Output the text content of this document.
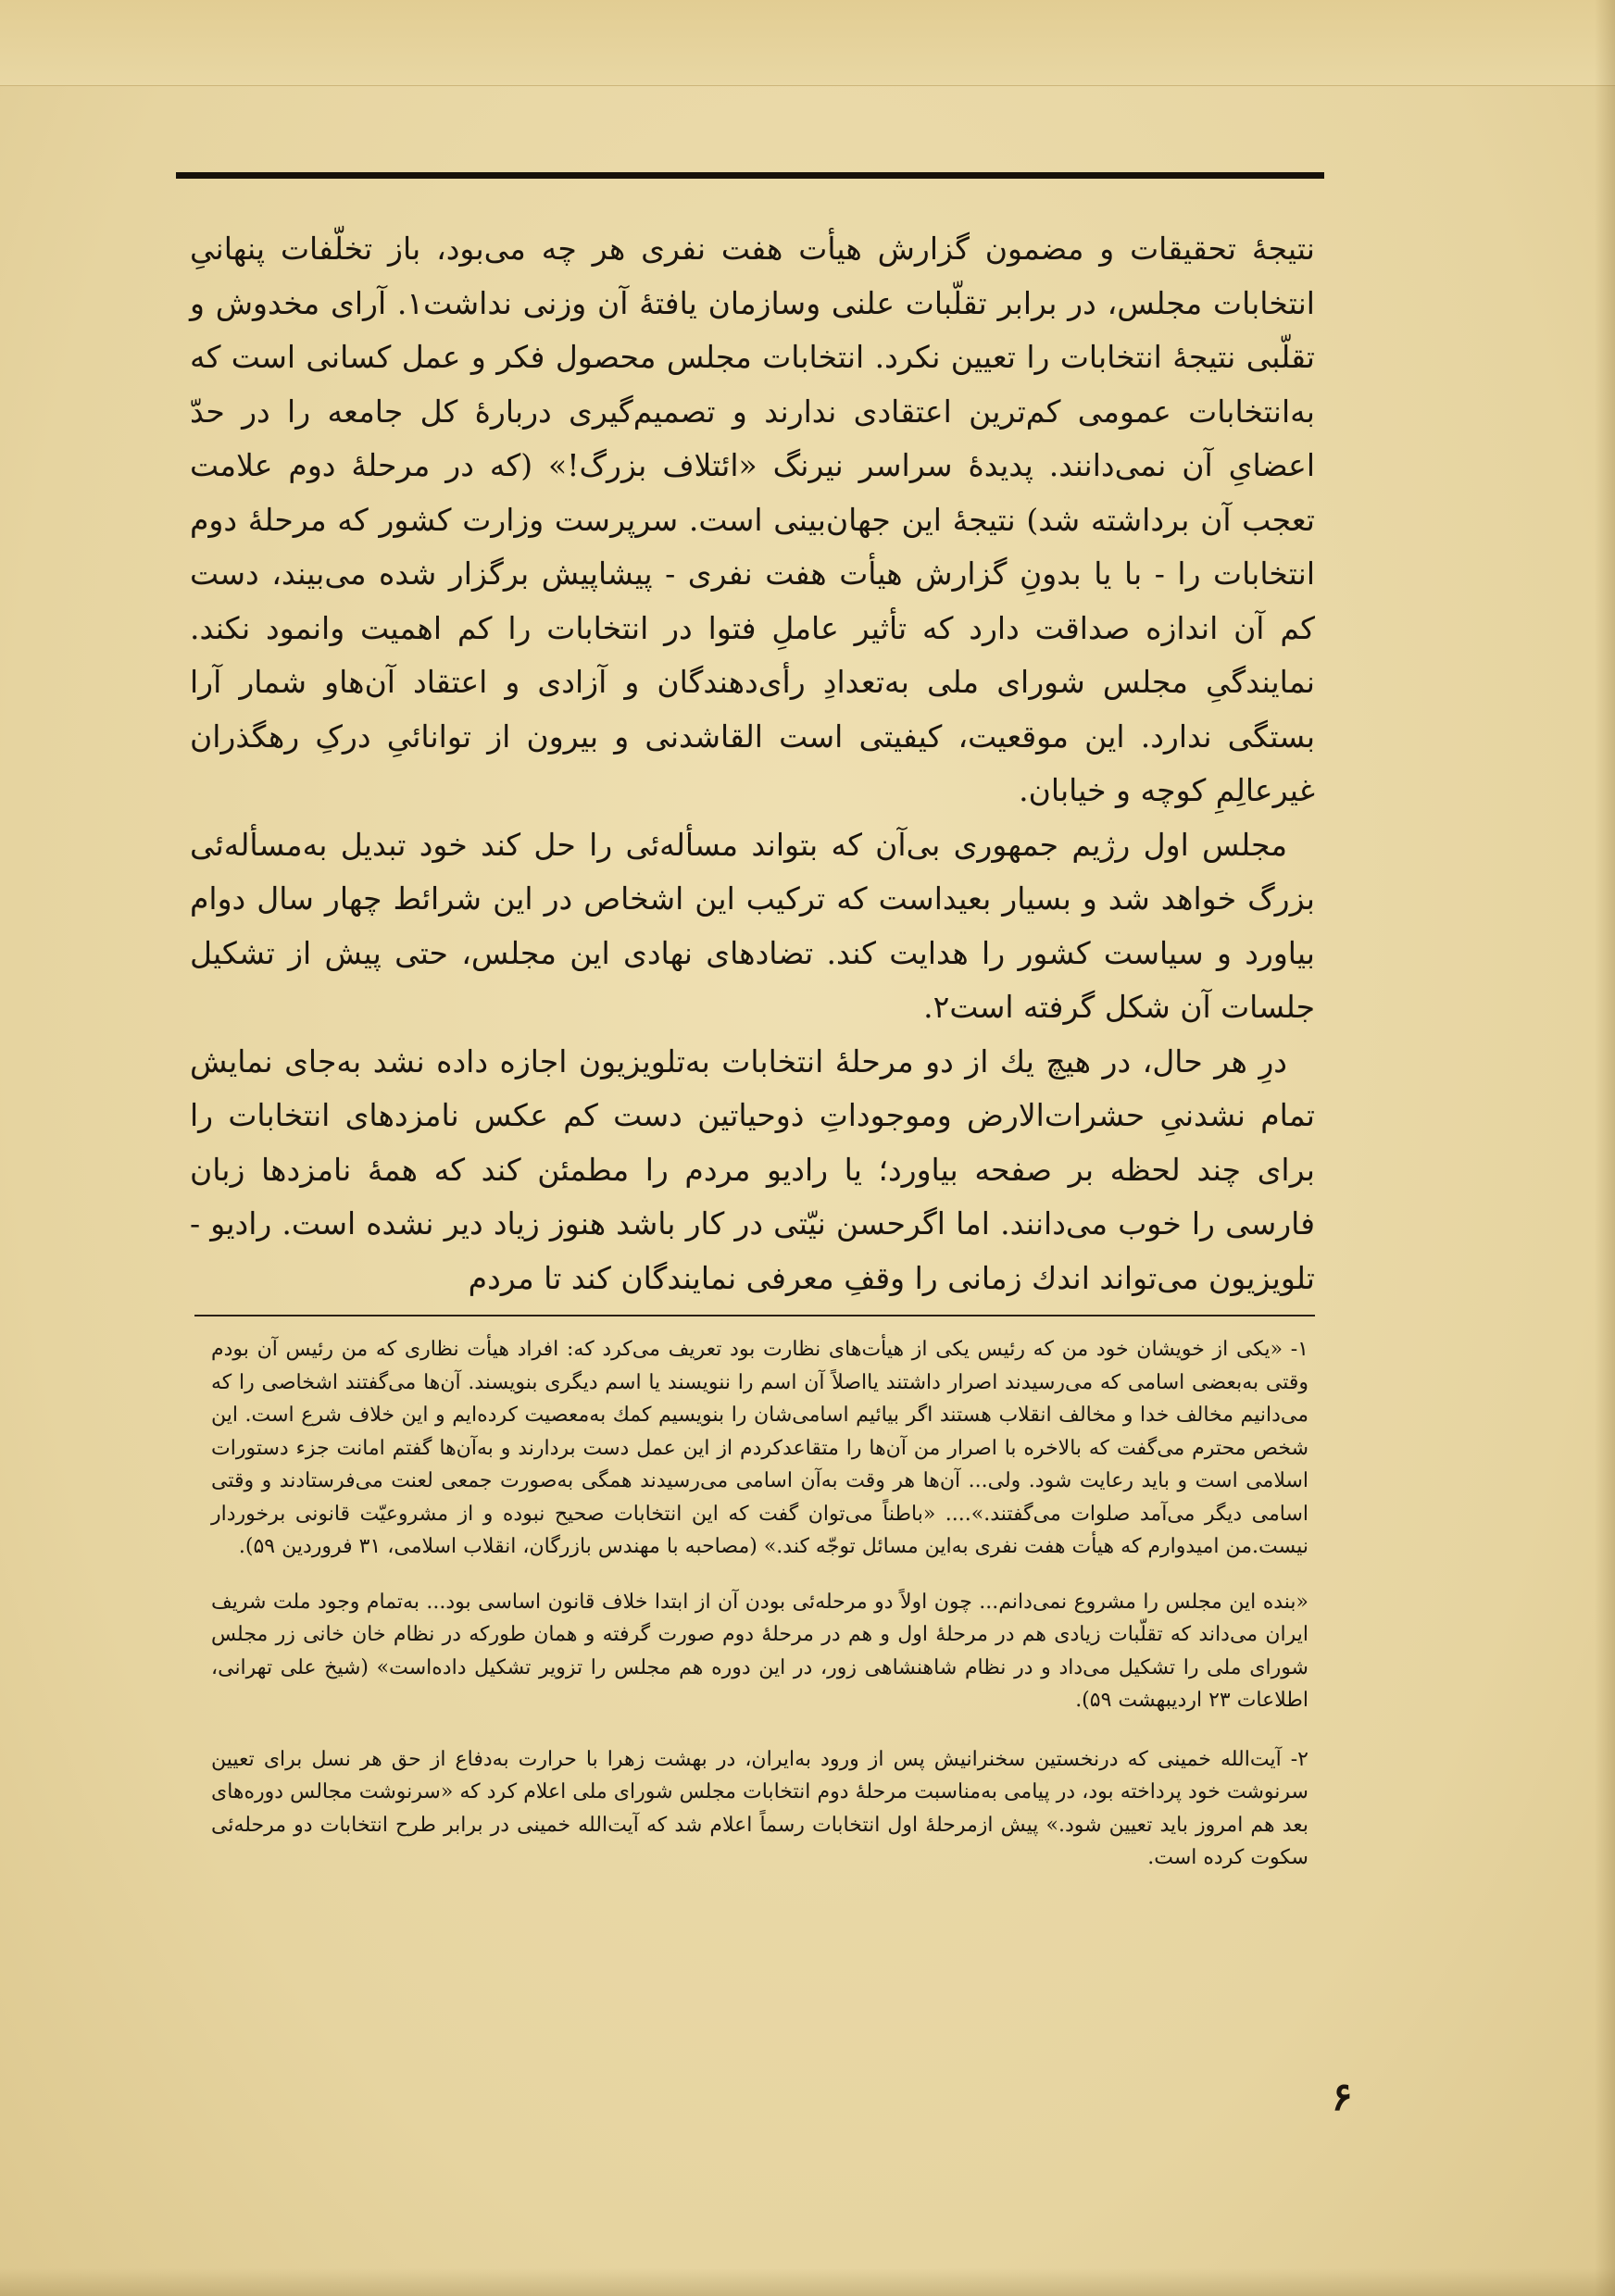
نتیجهٔ تحقیقات و مضمون گزارش هیأت هفت نفری هر چه می‌بود، باز تخلّفات پنهانیِ انتخابات مجلس، در برابر تقلّبات علنی وسازمان یافتهٔ آن وزنی نداشت۱. آرای مخدوش و تقلّبی نتیجهٔ انتخابات را تعیین نکرد. انتخابات مجلس محصول فکر و عمل کسانی است که به‌انتخابات عمومی کم‌ترین اعتقادی ندارند و تصمیم‌گیری دربارهٔ کل جامعه را در حدّ اعضایِ آن نمی‌دانند. پدیدهٔ سراسر نیرنگ «ائتلاف بزرگ!» (که در مرحلهٔ دوم علامت تعجب آن برداشته شد) نتیجهٔ این جهان‌بینی است. سرپرست وزارت کشور که مرحلهٔ دوم انتخابات را - با یا بدونِ گزارش هیأت هفت نفری - پیشاپیش برگزار شده می‌بیند، دست کم آن اندازه صداقت دارد که تأثیر عاملِ فتوا در انتخابات را کم اهمیت وانمود نکند. نمایندگیِ مجلس شورای ملی به‌تعدادِ رأی‌دهندگان و آزادی و اعتقاد آن‌هاو شمار آرا بستگی ندارد. این موقعیت، کیفیتی است القاشدنی و بیرون از توانائیِ درکِ رهگذران غیرعالِمِ کوچه و خیابان.

مجلس اول رژیم جمهوری بی‌آن که بتواند مسأله‌ئی را حل کند خود تبدیل به‌مسأله‌ئی بزرگ خواهد شد و بسیار بعیداست که ترکیب این اشخاص در این شرائط چهار سال دوام بیاورد و سیاست کشور را هدایت کند. تضادهای نهادی این مجلس، حتی پیش از تشکیل جلسات آن شکل گرفته است۲.

درِ هر حال، در هیچ یك از دو مرحلهٔ انتخابات به‌تلویزیون اجازه داده نشد به‌جای نمایش تمام نشدنیِ حشرات‌الارض وموجوداتِ ذوحیاتین دست کم عکس نامزدهای انتخابات را برای چند لحظه بر صفحه بیاورد؛ یا رادیو مردم را مطمئن کند که همهٔ نامزدها زبان فارسی را خوب می‌دانند. اما اگرحسن نیّتی در کار باشد هنوز زیاد دیر نشده است. رادیو - تلویزیون می‌تواند اندك زمانی را وقفِ معرفی نمایندگان کند تا مردم

۱- «یکی از خویشان خود من که رئیس یکی از هیأت‌های نظارت بود تعریف می‌کرد که: افراد هیأت نظاری که من رئیس آن بودم وقتی به‌بعضی اسامی که می‌رسیدند اصرار داشتند یااصلاً آن اسم را ننویسند یا اسم دیگری بنویسند. آن‌ها می‌گفتند اشخاصی را که می‌دانیم مخالف خدا و مخالف انقلاب هستند اگر بیائیم اسامی‌شان را بنویسیم کمك به‌معصیت کرده‌ایم و این خلاف شرع است. این شخص محترم می‌گفت که بالاخره با اصرار من آن‌ها را متقاعدکردم از این عمل دست بردارند و به‌آن‌ها گفتم امانت جزء دستورات اسلامی است و باید رعایت شود. ولی... آن‌ها هر وقت به‌آن اسامی می‌رسیدند همگی به‌صورت جمعی لعنت می‌فرستادند و وقتی اسامی دیگر می‌آمد صلوات می‌گفتند.».... «باطناً می‌توان گفت که این انتخابات صحیح نبوده و از مشروعیّت قانونی برخوردار نیست.من امیدوارم که هیأت هفت نفری به‌این مسائل توجّه کند.» (مصاحبه با مهندس بازرگان، انقلاب اسلامی، ۳۱ فروردین ۵۹).

«بنده این مجلس را مشروع نمی‌دانم... چون اولاً دو مرحله‌ئی بودن آن از ابتدا خلاف قانون اساسی بود... به‌تمام وجود ملت شریف ایران می‌داند که تقلّبات زیادی هم در مرحلهٔ اول و هم در مرحلهٔ دوم صورت گرفته و همان طورکه در نظام خان خانی زر مجلس شورای ملی را تشکیل می‌داد و در نظام شاهنشاهی زور، در این دوره هم مجلس را تزویر تشکیل داده‌است» (شیخ علی تهرانی، اطلاعات ۲۳ اردیبهشت ۵۹).

۲- آیت‌الله خمینی که درنخستین سخنرانیش پس از ورود به‌ایران، در بهشت زهرا با حرارت به‌دفاع از حق هر نسل برای تعیین سرنوشت خود پرداخته بود، در پیامی به‌مناسبت مرحلهٔ دوم انتخابات مجلس شورای ملی اعلام کرد که «سرنوشت مجالس دوره‌های بعد هم امروز باید تعیین شود.» پیش ازمرحلهٔ اول انتخابات رسماً اعلام شد که آیت‌الله خمینی در برابر طرح انتخابات دو مرحله‌ئی سکوت کرده است.

۶
